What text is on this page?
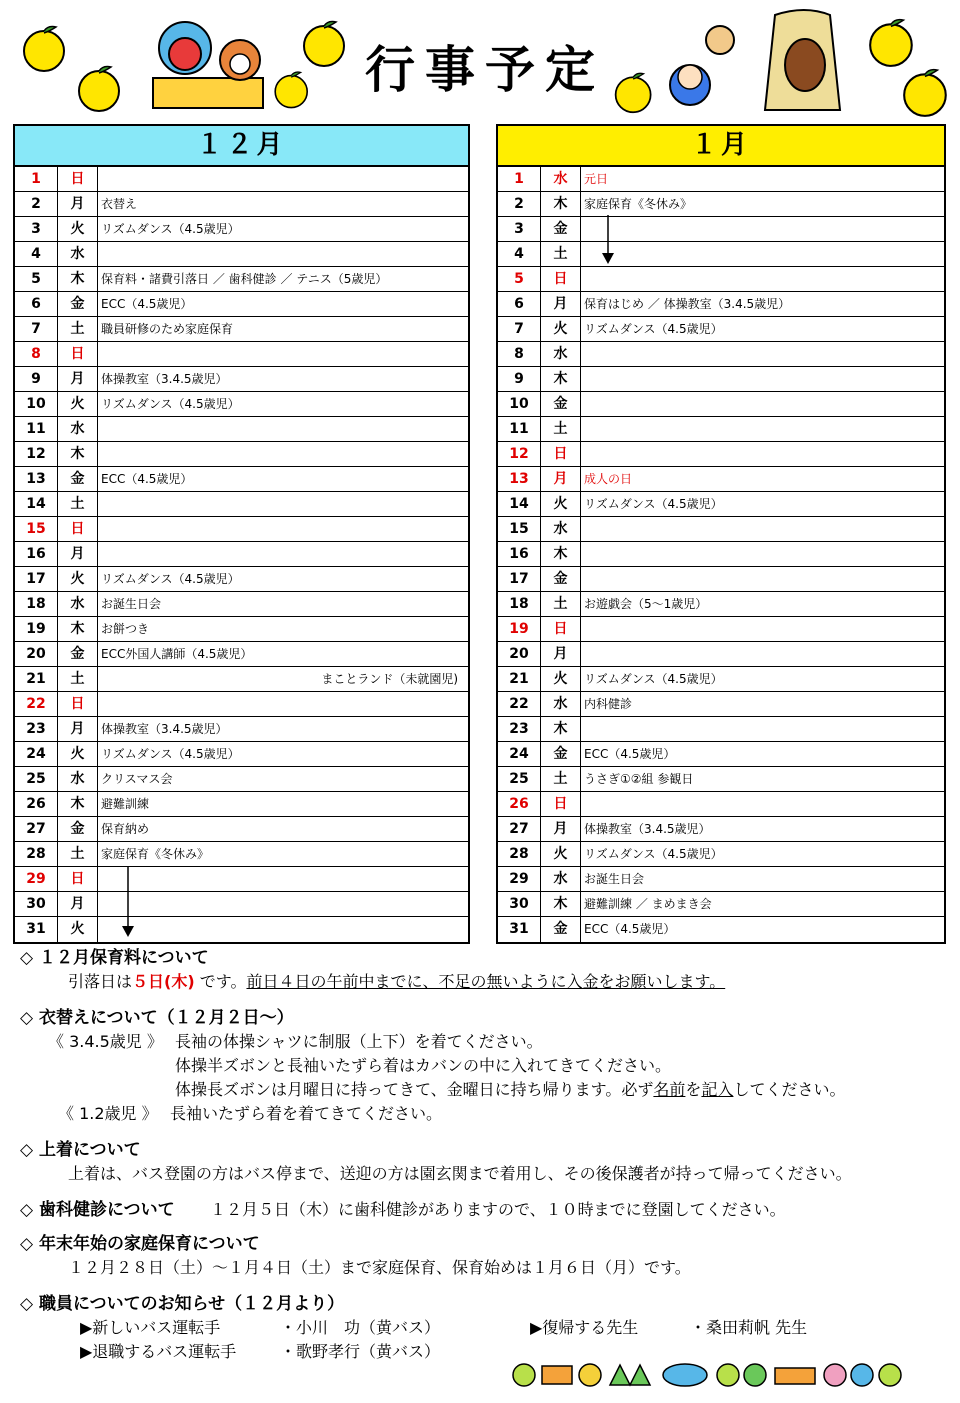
行事予定
１２月
1	日
2	月	衣替え
3	火	リズムダンス（4.5歳児）
4	水
5	木	保育料・諸費引落日 ／ 歯科健診 ／ テニス（5歳児）
6	金	ECC（4.5歳児）
7	土	職員研修のため家庭保育
8	日
9	月	体操教室（3.4.5歳児）
10	火	リズムダンス（4.5歳児）
11	水
12	木
13	金	ECC（4.5歳児）
14	土
15	日
16	月
17	火	リズムダンス（4.5歳児）
18	水	お誕生日会
19	木	お餅つき
20	金	ECC外国人講師（4.5歳児）
21	土	まことランド（未就園児)
22	日
23	月	体操教室（3.4.5歳児）
24	火	リズムダンス（4.5歳児）
25	水	クリスマス会
26	木	避難訓練
27	金	保育納め
28	土	家庭保育《冬休み》
29	日
30	月
31	火
１月
1	水	元日
2	木	家庭保育《冬休み》
3	金
4	土
5	日
6	月	保育はじめ ／ 体操教室（3.4.5歳児）
7	火	リズムダンス（4.5歳児）
8	水
9	木
10	金
11	土
12	日
13	月	成人の日
14	火	リズムダンス（4.5歳児）
15	水
16	木
17	金
18	土	お遊戯会（5～1歳児）
19	日
20	月
21	火	リズムダンス（4.5歳児）
22	水	内科健診
23	木
24	金	ECC（4.5歳児）
25	土	うさぎ①②組 参観日
26	日
27	月	体操教室（3.4.5歳児）
28	火	リズムダンス（4.5歳児）
29	水	お誕生日会
30	木	避難訓練 ／ まめまき会
31	金	ECC（4.5歳児）
◇ １２月保育料について
引落日は５日(木) です。前日４日の午前中までに、不足の無いように入金をお願いします。
◇ 衣替えについて（１２月２日～）
《 3.4.5歳児 》 長袖の体操シャツに制服（上下）を着てください。
体操半ズボンと長袖いたずら着はカバンの中に入れてきてください。
体操長ズボンは月曜日に持ってきて、金曜日に持ち帰ります。必ず名前を記入してください。
《 1.2歳児 》 長袖いたずら着を着てきてください。
◇ 上着について
上着は、バス登園の方はバス停まで、送迎の方は園玄関まで着用し、その後保護者が持って帰ってください。
◇ 歯科健診について １２月５日（木）に歯科健診がありますので、１０時までに登園してください。
◇ 年末年始の家庭保育について
１２月２８日（土）～１月４日（土）まで家庭保育、保育始めは１月６日（月）です。
◇ 職員についてのお知らせ（１２月より）
▶新しいバス運転手	・小川　功（黄バス）	▶復帰する先生	・桑田莉帆 先生
▶退職するバス運転手	・歌野孝行（黄バス）
